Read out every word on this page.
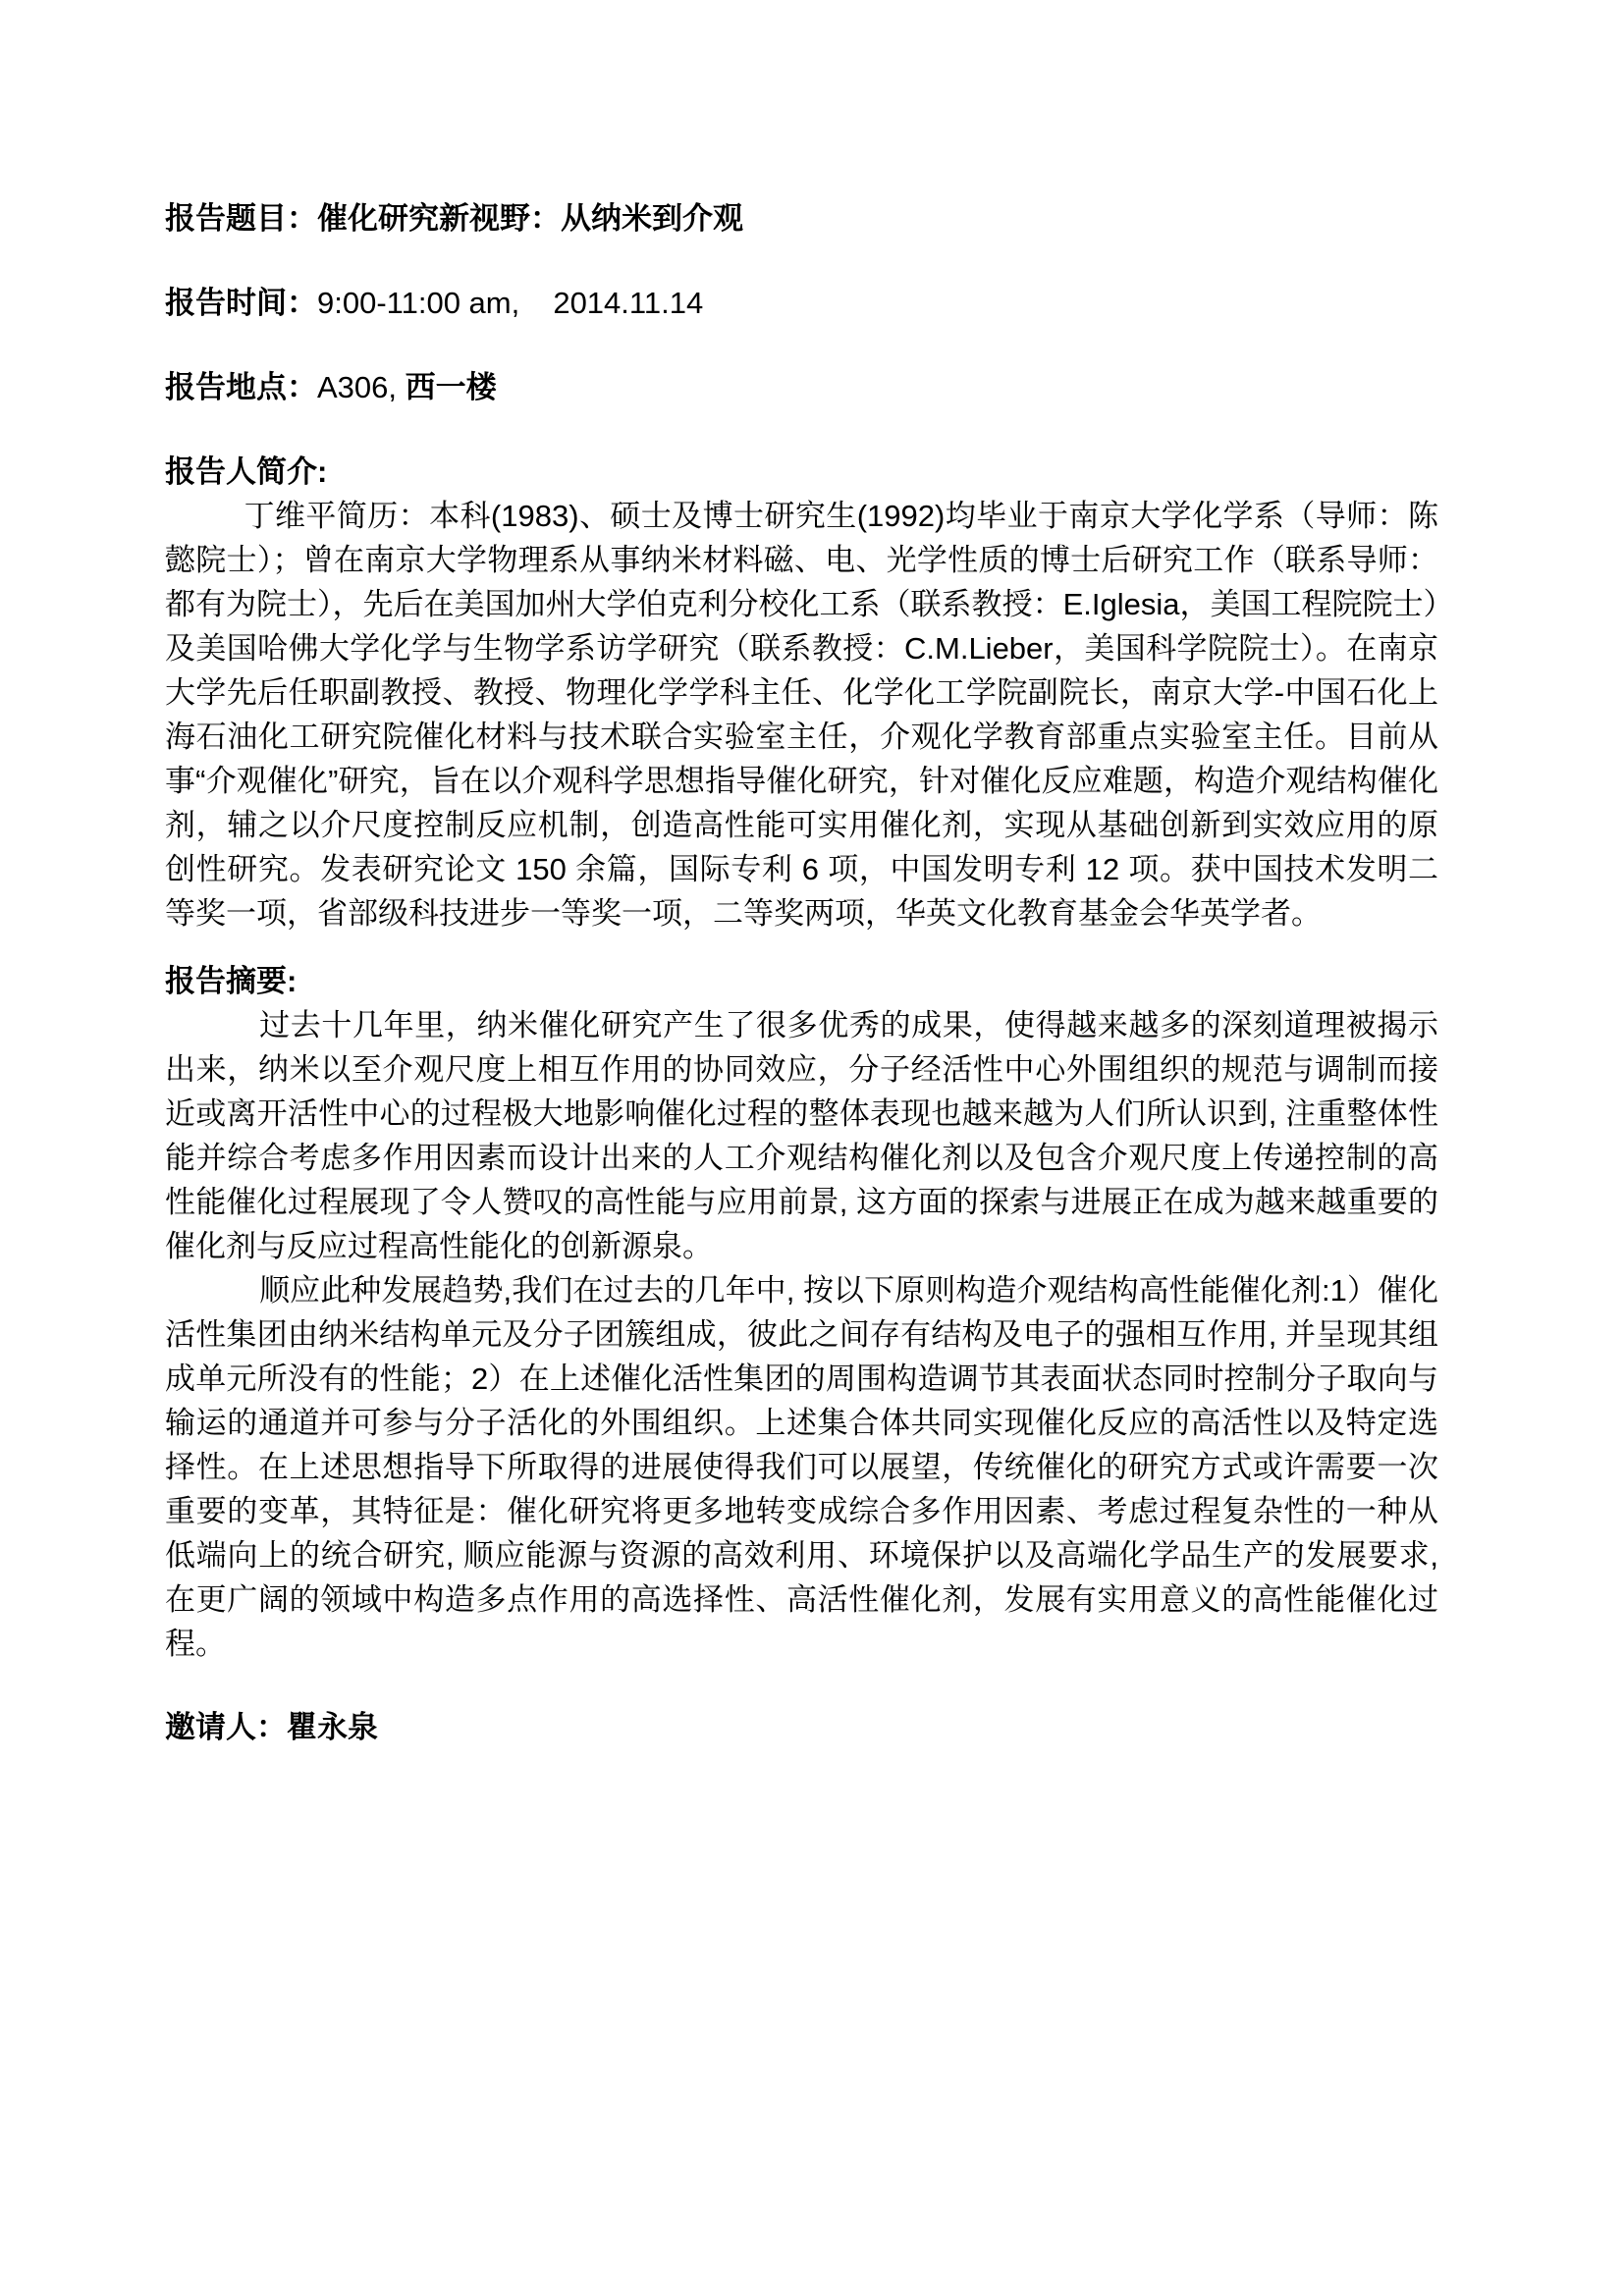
报告题目：催化研究新视野：从纳米到介观
报告时间：9:00-11:00 am, 2014.11.14
报告地点：A306, 西一楼
报告人简介:

丁维平简历：本科(1983)、硕士及博士研究生(1992)均毕业于南京大学化学系（导师：陈懿院士）；曾在南京大学物理系从事纳米材料磁、电、光学性质的博士后研究工作（联系导师：都有为院士），先后在美国加州大学伯克利分校化工系（联系教授：E.Iglesia，美国工程院院士）及美国哈佛大学化学与生物学系访学研究（联系教授：C.M.Lieber，美国科学院院士）。在南京大学先后任职副教授、教授、物理化学学科主任、化学化工学院副院长，南京大学-中国石化上海石油化工研究院催化材料与技术联合实验室主任，介观化学教育部重点实验室主任。目前从事“介观催化”研究，旨在以介观科学思想指导催化研究，针对催化反应难题，构造介观结构催化剂，辅之以介尺度控制反应机制，创造高性能可实用催化剂，实现从基础创新到实效应用的原创性研究。发表研究论文 150 余篇，国际专利 6 项，中国发明专利 12 项。获中国技术发明二等奖一项，省部级科技进步一等奖一项，二等奖两项，华英文化教育基金会华英学者。

报告摘要:

过去十几年里，纳米催化研究产生了很多优秀的成果，使得越来越多的深刻道理被揭示出来，纳米以至介观尺度上相互作用的协同效应，分子经活性中心外围组织的规范与调制而接近或离开活性中心的过程极大地影响催化过程的整体表现也越来越为人们所认识到, 注重整体性能并综合考虑多作用因素而设计出来的人工介观结构催化剂以及包含介观尺度上传递控制的高性能催化过程展现了令人赞叹的高性能与应用前景, 这方面的探索与进展正在成为越来越重要的催化剂与反应过程高性能化的创新源泉。

顺应此种发展趋势,我们在过去的几年中, 按以下原则构造介观结构高性能催化剂:1）催化活性集团由纳米结构单元及分子团簇组成，彼此之间存有结构及电子的强相互作用, 并呈现其组成单元所没有的性能；2）在上述催化活性集团的周围构造调节其表面状态同时控制分子取向与输运的通道并可参与分子活化的外围组织。上述集合体共同实现催化反应的高活性以及特定选择性。在上述思想指导下所取得的进展使得我们可以展望，传统催化的研究方式或许需要一次重要的变革，其特征是：催化研究将更多地转变成综合多作用因素、考虑过程复杂性的一种从低端向上的统合研究, 顺应能源与资源的高效利用、环境保护以及高端化学品生产的发展要求, 在更广阔的领域中构造多点作用的高选择性、高活性催化剂，发展有实用意义的高性能催化过程。

邀请人：瞿永泉
